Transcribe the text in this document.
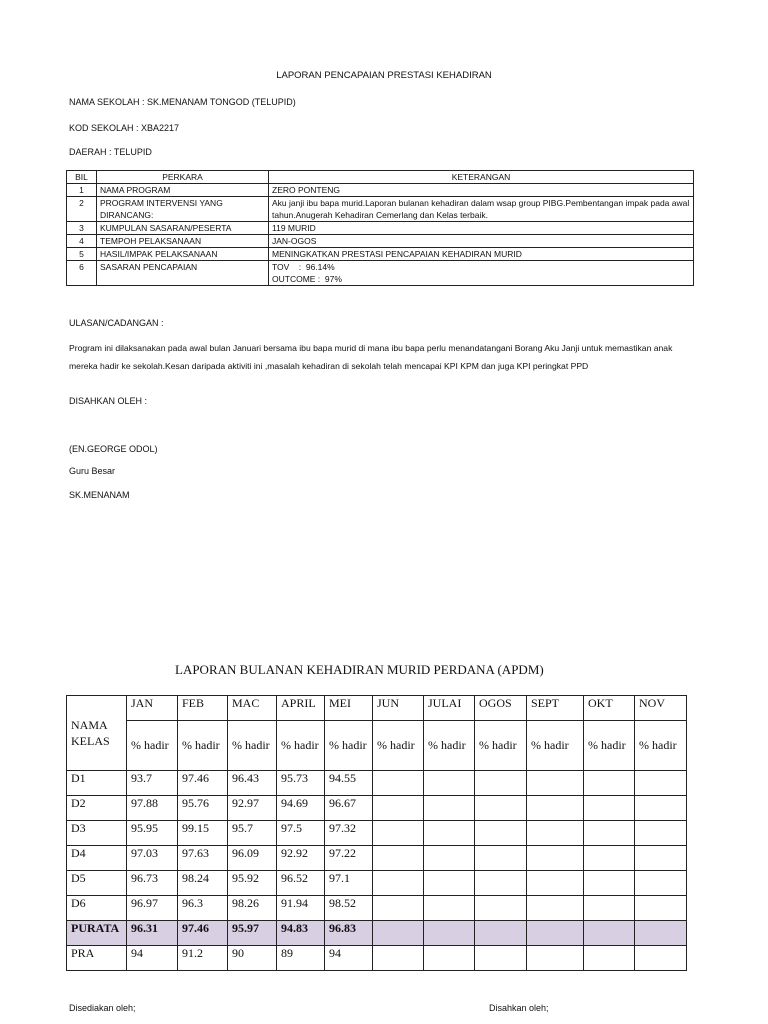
LAPORAN PENCAPAIAN PRESTASI KEHADIRAN
NAMA SEKOLAH : SK.MENANAM TONGOD (TELUPID)
KOD SEKOLAH : XBA2217
DAERAH : TELUPID
BIL	PERKARA	KETERANGAN
1	NAMA PROGRAM	ZERO PONTENG
2	PROGRAM INTERVENSI YANG DIRANCANG:	Aku janji ibu bapa murid.Laporan bulanan kehadiran dalam wsap group PIBG.Pembentangan impak pada awal tahun.Anugerah Kehadiran Cemerlang dan Kelas terbaik.
3	KUMPULAN SASARAN/PESERTA	119 MURID
4	TEMPOH PELAKSANAAN	JAN-OGOS
5	HASIL/IMPAK PELAKSANAAN	MENINGKATKAN PRESTASI PENCAPAIAN KEHADIRAN MURID
6	SASARAN PENCAPAIAN	TOV    :  96.14%
OUTCOME :  97%
ULASAN/CADANGAN :
Program ini dilaksanakan pada awal bulan Januari bersama ibu bapa murid di mana ibu bapa perlu menandatangani Borang Aku Janji untuk memastikan anak mereka hadir ke sekolah.Kesan daripada aktiviti ini ,masalah kehadiran di sekolah telah mencapai KPI KPM dan juga KPI peringkat PPD
DISAHKAN OLEH :
(EN.GEORGE ODOL)
Guru Besar
SK.MENANAM
LAPORAN BULANAN KEHADIRAN MURID PERDANA (APDM)
NAMA
KELAS	JAN	FEB	MAC	APRIL	MEI	JUN	JULAI	OGOS	SEPT	OKT	NOV
	% hadir	% hadir	% hadir	% hadir	% hadir	% hadir	% hadir	% hadir	% hadir	% hadir	% hadir
D1	93.7	97.46	96.43	95.73	94.55						
D2	97.88	95.76	92.97	94.69	96.67						
D3	95.95	99.15	95.7	97.5	97.32						
D4	97.03	97.63	96.09	92.92	97.22						
D5	96.73	98.24	95.92	96.52	97.1						
D6	96.97	96.3	98.26	91.94	98.52						
PURATA	96.31	97.46	95.97	94.83	96.83						
PRA	94	91.2	90	89	94						
Disediakan oleh;	Disahkan oleh;
